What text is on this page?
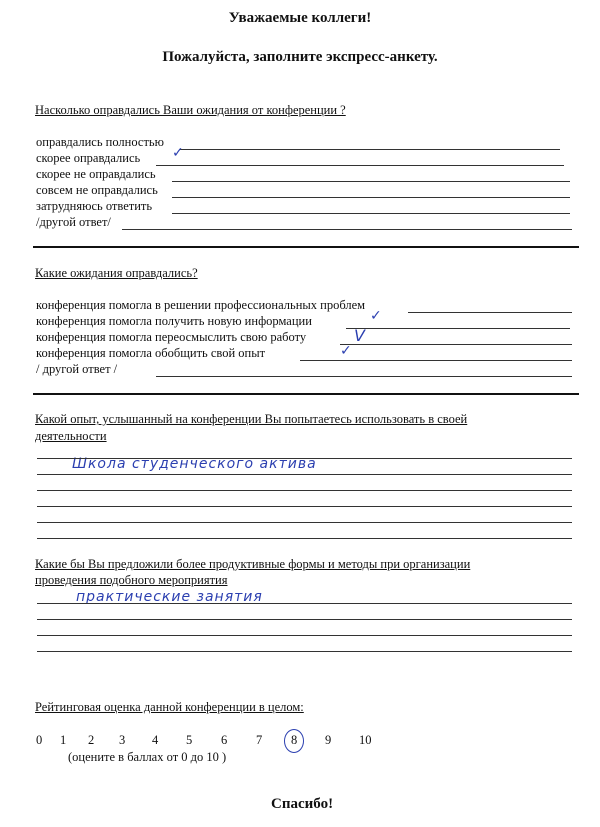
Уважаемые коллеги!
Пожалуйста, заполните экспресс-анкету.
Насколько оправдались Ваши ожидания от конференции ?
оправдались полностью
скорее оправдались ✓
скорее не оправдались
совсем не оправдались
затрудняюсь ответить
/другой ответ/
Какие ожидания оправдались?
конференция помогла в решении профессиональных проблем
конференция помогла получить новую информации	✓
конференция помогла переосмыслить свою работу	V
конференция помогла обобщить свой опыт	✓
/ другой ответ /
Какой опыт, услышанный на конференции Вы попытаетесь использовать в своей
деятельности
Школа студенческого актива
Какие бы Вы предложили более продуктивные формы и методы при организации
проведения подобного мероприятия
практические занятия
Рейтинговая оценка данной конференции в целом:
0 1 2 3 4 5 6 7 8 9 10
(оцените в баллах от 0 до 10 )
Спасибо!
